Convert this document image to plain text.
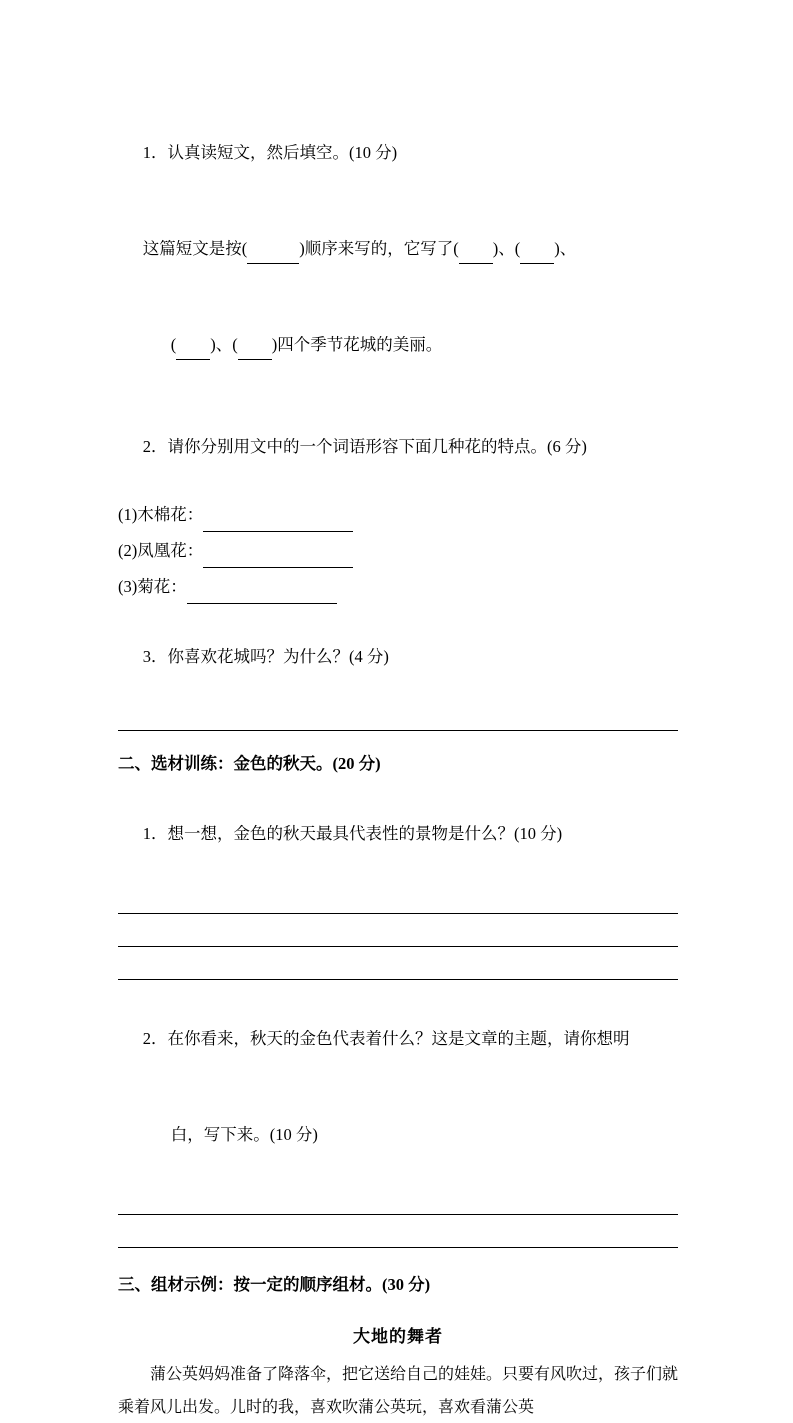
1．认真读短文，然后填空。(10 分)

这篇短文是按(	)顺序来写的，它写了( )、( )、

( )、( )四个季节花城的美丽。

2．请你分别用文中的一个词语形容下面几种花的特点。(6 分)

(1)木棉花：
(2)凤凰花：
(3)菊花：

3．你喜欢花城吗？为什么？(4 分)

二、选材训练：金色的秋天。(20 分)

1．想一想，金色的秋天最具代表性的景物是什么？(10 分)

2．在你看来，秋天的金色代表着什么？这是文章的主题，请你想明

白，写下来。(10 分)

三、组材示例：按一定的顺序组材。(30 分)
大地的舞者

蒲公英妈妈准备了降落伞，把它送给自己的娃娃。只要有风吹过，孩子们就乘着风儿出发。儿时的我，喜欢吹蒲公英玩，喜欢看蒲公英
